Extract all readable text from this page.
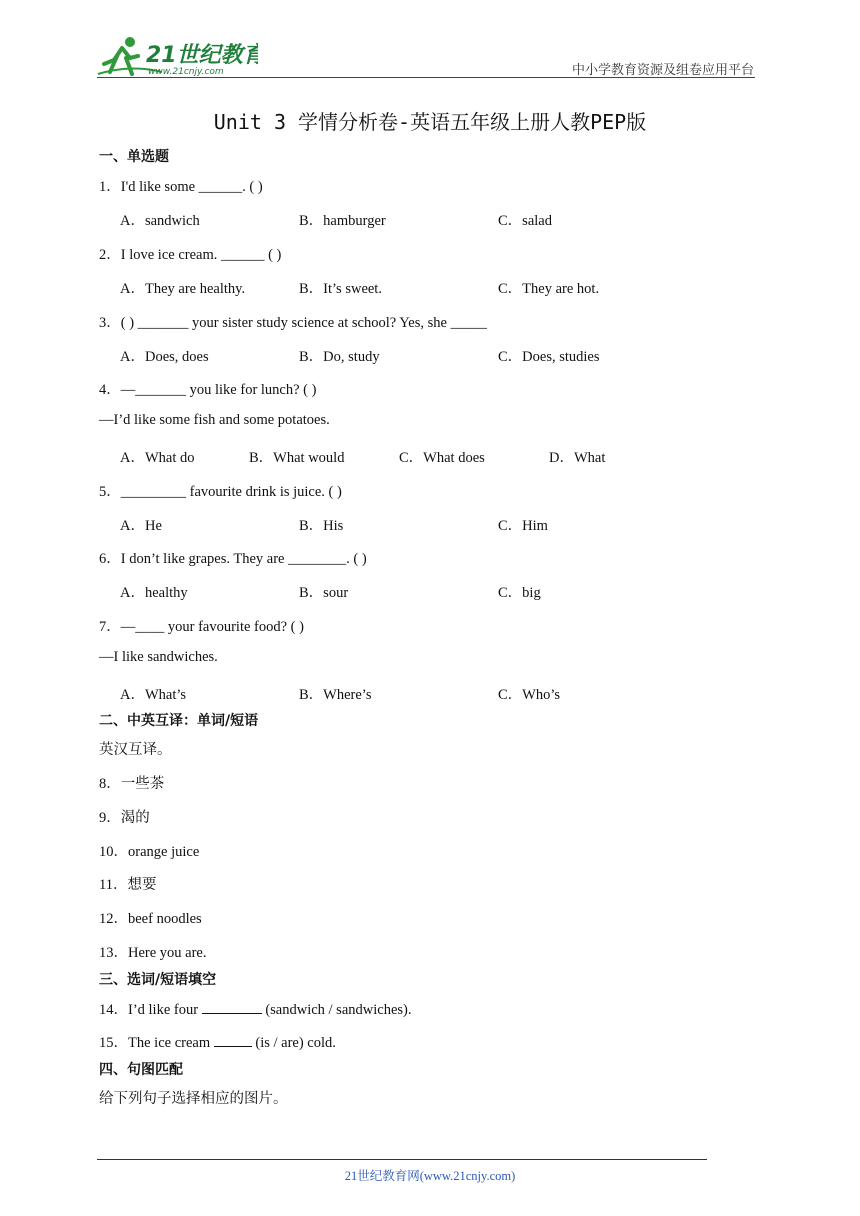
21世纪教育
www.21cnjy.com	中小学教育资源及组卷应用平台
Unit 3 学情分析卷-英语五年级上册人教PEP版
一、单选题
1．I'd like some ______. ( )
A．sandwich	B．hamburger	C．salad
2．I love ice cream. ______ ( )
A．They are healthy.	B．It’s sweet.	C．They are hot.
3．( ) _______ your sister study science at school? Yes, she _____
A．Does, does	B．Do, study	C．Does, studies
4．—_______ you like for lunch? ( )
—I’d like some fish and some potatoes.
A．What do	B．What would	C．What does	D．What
5．_________ favourite drink is juice. ( )
A．He	B．His	C．Him
6．I don’t like grapes. They are ________. ( )
A．healthy	B．sour	C．big
7．—____ your favourite food? ( )
—I like sandwiches.
A．What’s	B．Where’s	C．Who’s
二、中英互译：单词/短语
英汉互译。
8．一些茶
9．渴的
10．orange juice
11．想要
12．beef noodles
13．Here you are.
三、选词/短语填空
14．I’d like four	(sandwich / sandwiches).
15．The ice cream	(is / are) cold.
四、句图匹配
给下列句子选择相应的图片。
21世纪教育网(www.21cnjy.com)
